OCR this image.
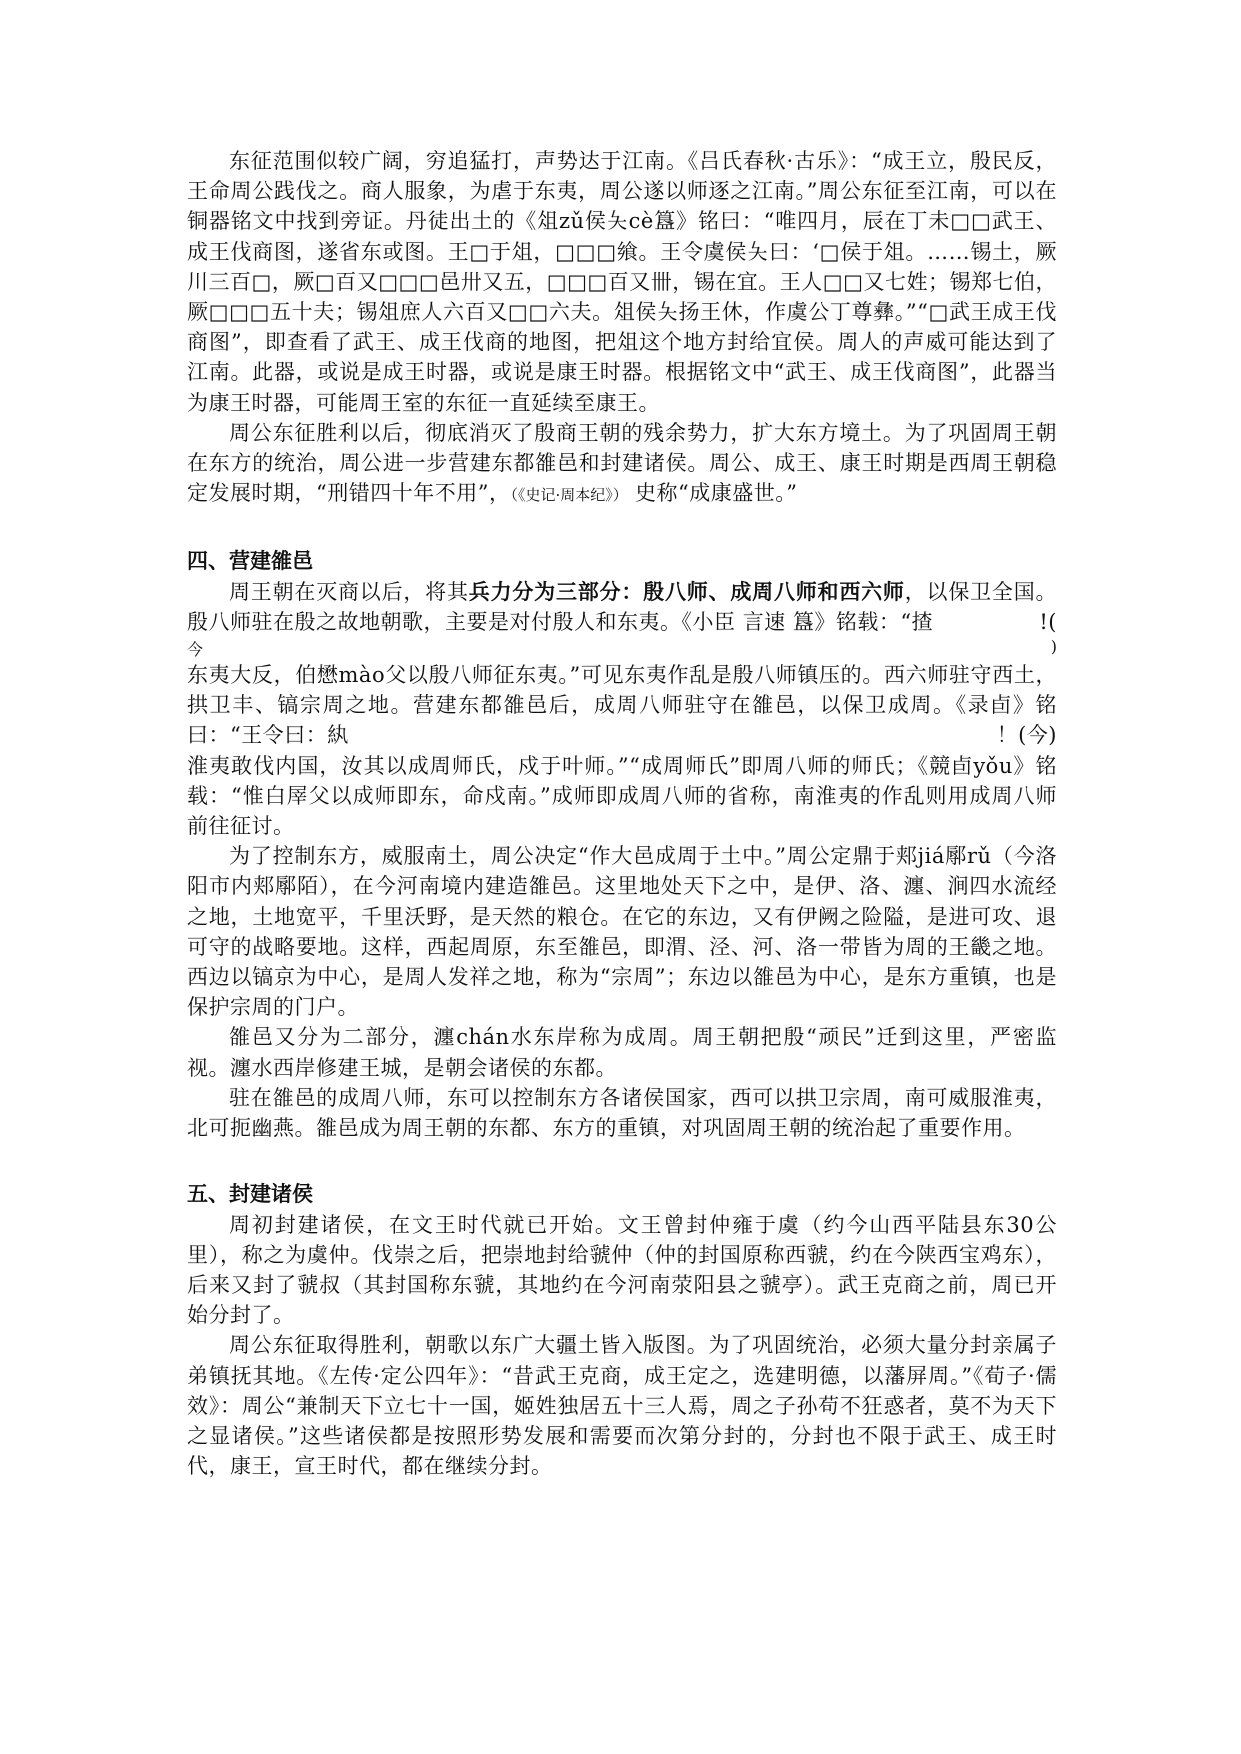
东征范围似较广阔，穷追猛打，声势达于江南。《吕氏春秋·古乐》：“成王立，殷民反，王命周公践伐之。商人服象，为虐于东夷，周公遂以师逐之江南。”周公东征至江南，可以在铜器铭文中找到旁证。丹徒出土的《俎zǔ侯夨cè簋》铭曰：“唯四月，辰在丁未□□武王、成王伐商图，遂省东或图。王□于俎，□□□飨。王令虞侯夨曰：‘□侯于俎。……锡土，厥川三百□，厥□百又□□□邑卅又五，□□□百又卌，锡在宜。王人□□又七姓；锡郑七伯，厥□□□五十夫；锡俎庶人六百又□□六夫。俎侯夨扬王休，作虞公丁尊彝。”“□武王成王伐商图”，即查看了武王、成王伐商的地图，把俎这个地方封给宜侯。周人的声威可能达到了江南。此器，或说是成王时器，或说是康王时器。根据铭文中“武王、成王伐商图”，此器当为康王时器，可能周王室的东征一直延续至康王。

周公东征胜利以后，彻底消灭了殷商王朝的残余势力，扩大东方境土。为了巩固周王朝在东方的统治，周公进一步营建东都雒邑和封建诸侯。周公、成王、康王时期是西周王朝稳定发展时期，“刑错四十年不用”，（《史记·周本纪》） 史称“成康盛世。”

四、营建雒邑

周王朝在灭商以后，将其兵力分为三部分：殷八师、成周八师和西六师，以保卫全国。殷八师驻在殷之故地朝歌，主要是对付殷人和东夷。《小臣 言速 簋》铭载：“揸	!(

今	)

东夷大反，伯懋mào父以殷八师征东夷。”可见东夷作乱是殷八师镇压的。西六师驻守西土，拱卫丰、镐宗周之地。营建东都雒邑后，成周八师驻守在雒邑，以保卫成周。《录卣》铭曰：“王令曰：紈	！(今)

淮夷敢伐内国，汝其以成周师氏，戍于叶师。”“成周师氏”即周八师的师氏；《競卣yǒu》铭载：“惟白屖父以成师即东，命戍南。”成师即成周八师的省称，南淮夷的作乱则用成周八师前往征讨。

为了控制东方，威服南土，周公决定“作大邑成周于土中。”周公定鼎于郏jiá鄏rǔ（今洛阳市内郏鄏陌），在今河南境内建造雒邑。这里地处天下之中，是伊、洛、瀍、涧四水流经之地，土地宽平，千里沃野，是天然的粮仓。在它的东边，又有伊阙之险隘，是进可攻、退可守的战略要地。这样，西起周原，东至雒邑，即渭、泾、河、洛一带皆为周的王畿之地。西边以镐京为中心，是周人发祥之地，称为“宗周”；东边以雒邑为中心，是东方重镇，也是保护宗周的门户。

雒邑又分为二部分，瀍chán水东岸称为成周。周王朝把殷“顽民”迁到这里，严密监视。瀍水西岸修建王城，是朝会诸侯的东都。

驻在雒邑的成周八师，东可以控制东方各诸侯国家，西可以拱卫宗周，南可威服淮夷，北可扼幽燕。雒邑成为周王朝的东都、东方的重镇，对巩固周王朝的统治起了重要作用。

五、封建诸侯

周初封建诸侯，在文王时代就已开始。文王曾封仲雍于虞（约今山西平陆县东30公里），称之为虞仲。伐崇之后，把崇地封给虢仲（仲的封国原称西虢，约在今陕西宝鸡东），后来又封了虢叔（其封国称东虢，其地约在今河南荥阳县之虢亭）。武王克商之前，周已开始分封了。

周公东征取得胜利，朝歌以东广大疆土皆入版图。为了巩固统治，必须大量分封亲属子弟镇抚其地。《左传·定公四年》：“昔武王克商，成王定之，选建明德，以藩屏周。”《荀子·儒效》：周公“兼制天下立七十一国，姬姓独居五十三人焉，周之子孙苟不狂惑者，莫不为天下之显诸侯。”这些诸侯都是按照形势发展和需要而次第分封的，分封也不限于武王、成王时代，康王，宣王时代，都在继续分封。
